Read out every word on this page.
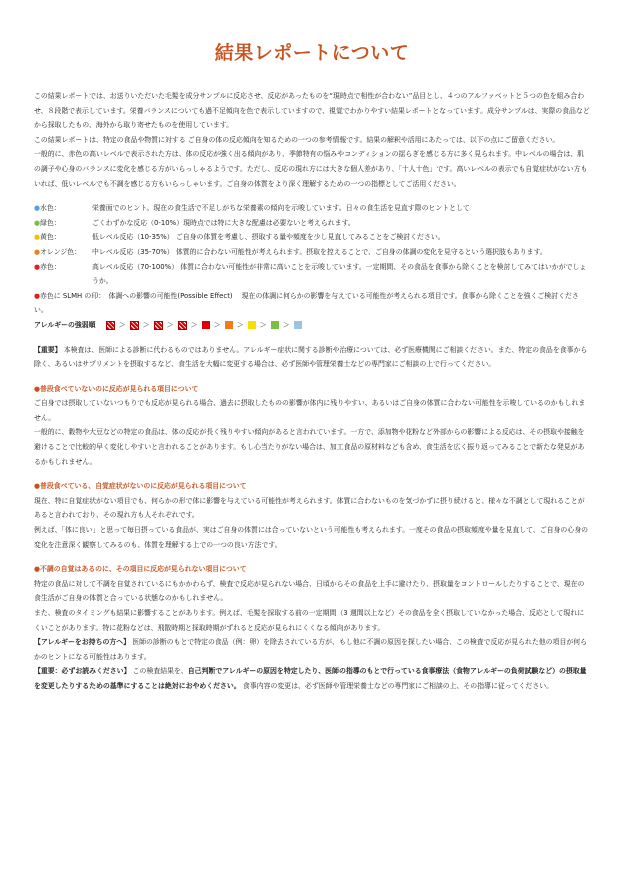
結果レポートについて

この結果レポートでは、お送りいただいた毛髪を成分サンプルに反応させ、反応があったものを“現時点で相性が合わない”品目とし、４つのアルファベットと５つの色を組み合わせ、８段階で表示しています。栄養バランスについても過不足傾向を色で表示していますので、視覚でわかりやすい結果レポートとなっています。成分サンプルは、実際の食品などから採取したもの、海外から取り寄せたものを使用しています。

この結果レポートは、特定の食品や物質に対する ご自身の体の反応傾向を知るための一つの参考情報です。結果の解釈や活用にあたっては、以下の点にご留意ください。

一般的に、赤色の高いレベルで表示された方は、体の反応が強く出る傾向があり、季節特有の悩みやコンディションの揺らぎを感じる方に多く見られます。中レベルの場合は、肌の調子や心身のバランスに変化を感じる方がいらっしゃるようです。ただし、反応の現れ方には大きな個人差があり、「十人十色」です。高いレベルの表示でも自覚症状がない方もいれば、低いレベルでも不調を感じる方もいらっしゃいます。ご自身の体質をより深く理解するための一つの指標としてご活用ください。

●水色：	栄養面でのヒント。現在の食生活で不足しがちな栄養素の傾向を示唆しています。日々の食生活を見直す際のヒントとして
●緑色：	ごくわずかな反応（0-10%）現時点では特に大きな配慮は必要ないと考えられます。
●黄色：	低レベル反応（10-35%） ご自身の体質を考慮し、摂取する量や頻度を少し見直してみることをご検討ください。
●オレンジ色：	中レベル反応（35-70%） 体質的に合わない可能性が考えられます。摂取を控えることで、ご自身の体調の変化を見守るという選択肢もあります。
●赤色：	高レベル反応（70-100%） 体質に合わない可能性が非常に高いことを示唆しています。一定期間、その食品を食事から除くことを検討してみてはいかがでしょうか。

●赤色に SLMH の印：　 体調への影響の可能性(Possible Effect)　 現在の体調に何らかの影響を与えている可能性が考えられる項目です。食事から除くことを強くご検討ください。

アレルギーの強弱順	＞ ＞ ＞ ＞ ＞ ＞ ＞ ＞

【重要】 本検査は、医師による診断に代わるものではありません。アレルギー症状に関する診断や治療については、必ず医療機関にご相談ください。また、特定の食品を食事から除く、あるいはサプリメントを摂取するなど、食生活を大幅に変更する場合は、必ず医師や管理栄養士などの専門家にご相談の上で行ってください。

●普段食べていないのに反応が見られる項目について

ご自身では摂取していないつもりでも反応が見られる場合、過去に摂取したものの影響が体内に残りやすい、あるいはご自身の体質に合わない可能性を示唆しているのかもしれません。

一般的に、穀物や大豆などの特定の食品は、体の反応が長く残りやすい傾向があると言われています。一方で、添加物や花粉など外部からの影響による反応は、その摂取や接触を避けることで比較的早く変化しやすいと言われることがあります。もし心当たりがない場合は、加工食品の原材料なども含め、食生活を広く振り返ってみることで新たな発見があるかもしれません。

●普段食べている、自覚症状がないのに反応が見られる項目について

現在、特に自覚症状がない項目でも、何らかの形で体に影響を与えている可能性が考えられます。体質に合わないものを気づかずに摂り続けると、様々な不調として現れることがあると言われており、その現れ方も人それぞれです。

例えば、「体に良い」と思って毎日摂っている食品が、実はご自身の体質には合っていないという可能性も考えられます。一度その食品の摂取頻度や量を見直して、ご自身の心身の変化を注意深く観察してみるのも、体質を理解する上での一つの良い方法です。

●不調の自覚はあるのに、その項目に反応が見られない項目について

特定の食品に対して不調を自覚されているにもかかわらず、検査で反応が見られない場合、日頃からその食品を上手に避けたり、摂取量をコントロールしたりすることで、現在の食生活がご自身の体質と合っている状態なのかもしれません。

また、検査のタイミングも結果に影響することがあります。例えば、毛髪を採取する前の一定期間（3 週間以上など）その食品を全く摂取していなかった場合、反応として現れにくいことがあります。特に花粉などは、飛散時期と採取時期がずれると反応が見られにくくなる傾向があります。

【アレルギーをお持ちの方へ】 医師の診断のもとで特定の食品（例：卵）を除去されている方が、もし他に不調の原因を探したい場合、この検査で反応が見られた他の項目が何らかのヒントになる可能性はあります。

【重要：必ずお読みください】 この検査結果を、自己判断でアレルギーの原因を特定したり、医師の指導のもとで行っている食事療法（食物アレルギーの負荷試験など）の摂取量を変更したりするための基準にすることは絶対におやめください。 食事内容の変更は、必ず医師や管理栄養士などの専門家にご相談の上、その指導に従ってください。
